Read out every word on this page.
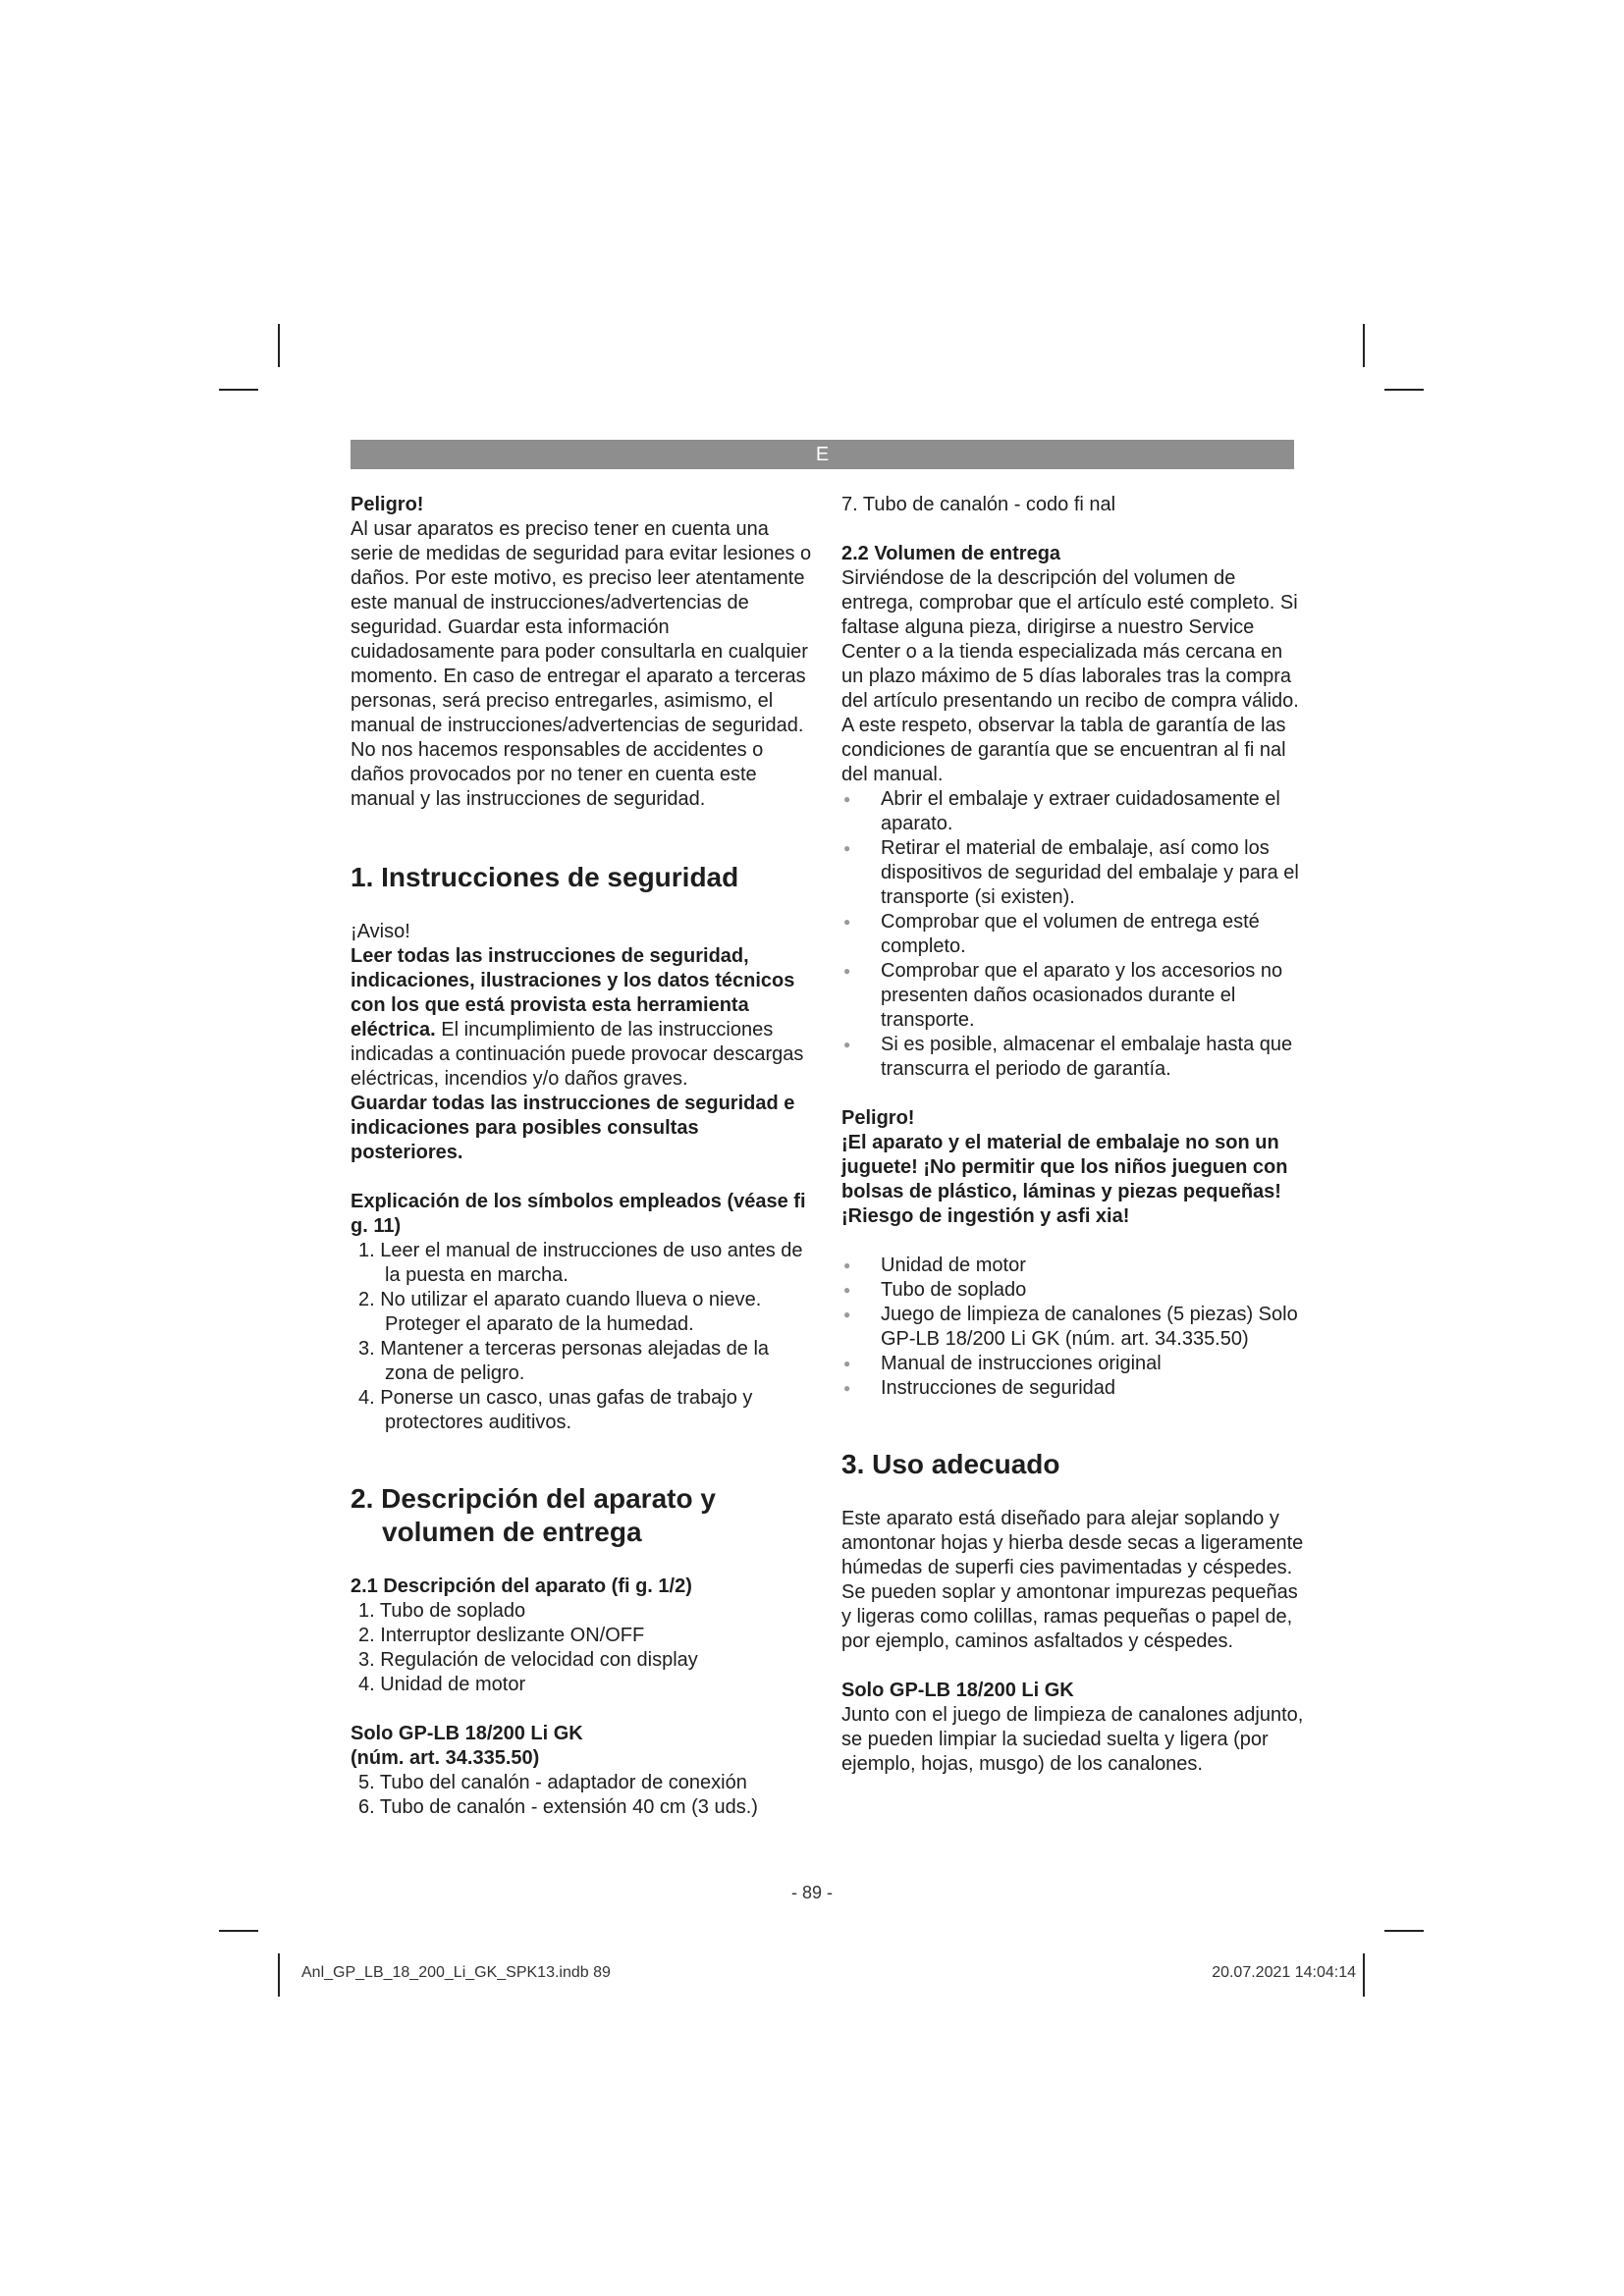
E

Peligro!

Al usar aparatos es preciso tener en cuenta una serie de medidas de seguridad para evitar lesiones o daños. Por este motivo, es preciso leer atentamente este manual de instrucciones/advertencias de seguridad. Guardar esta información cuidadosamente para poder consultarla en cualquier momento. En caso de entregar el aparato a terceras personas, será preciso entregarles, asimismo, el manual de instrucciones/advertencias de seguridad. No nos hacemos responsables de accidentes o daños provocados por no tener en cuenta este manual y las instrucciones de seguridad.

1. Instrucciones de seguridad

¡Aviso!

Leer todas las instrucciones de seguridad, indicaciones, ilustraciones y los datos técnicos con los que está provista esta herramienta eléctrica. El incumplimiento de las instrucciones indicadas a continuación puede provocar descargas eléctricas, incendios y/o daños graves.

Guardar todas las instrucciones de seguridad e indicaciones para posibles consultas posteriores.

Explicación de los símbolos empleados (véase fi g. 11)

1. Leer el manual de instrucciones de uso antes de la puesta en marcha.
2. No utilizar el aparato cuando llueva o nieve. Proteger el aparato de la humedad.
3. Mantener a terceras personas alejadas de la zona de peligro.
4. Ponerse un casco, unas gafas de trabajo y protectores auditivos.
2. Descripción del aparato y volumen de entrega

2.1 Descripción del aparato (fi g. 1/2)

1. Tubo de soplado
2. Interruptor deslizante ON/OFF
3. Regulación de velocidad con display
4. Unidad de motor

Solo GP-LB 18/200 Li GK

(núm. art. 34.335.50)

5. Tubo del canalón - adaptador de conexión
6. Tubo de canalón - extensión 40 cm (3 uds.)

7. Tubo de canalón - codo fi nal

2.2 Volumen de entrega

Sirviéndose de la descripción del volumen de entrega, comprobar que el artículo esté completo. Si faltase alguna pieza, dirigirse a nuestro Service Center o a la tienda especializada más cercana en un plazo máximo de 5 días laborales tras la compra del artículo presentando un recibo de compra válido. A este respeto, observar la tabla de garantía de las condiciones de garantía que se encuentran al fi nal del manual.

● Abrir el embalaje y extraer cuidadosamente el aparato.
● Retirar el material de embalaje, así como los dispositivos de seguridad del embalaje y para el transporte (si existen).
● Comprobar que el volumen de entrega esté completo.
● Comprobar que el aparato y los accesorios no presenten daños ocasionados durante el transporte.
● Si es posible, almacenar el embalaje hasta que transcurra el periodo de garantía.

Peligro!

¡El aparato y el material de embalaje no son un juguete! ¡No permitir que los niños jueguen con bolsas de plástico, láminas y piezas pequeñas! ¡Riesgo de ingestión y asfi xia!

● Unidad de motor
● Tubo de soplado
● Juego de limpieza de canalones (5 piezas) Solo GP-LB 18/200 Li GK (núm. art. 34.335.50)
● Manual de instrucciones original
● Instrucciones de seguridad
3. Uso adecuado

Este aparato está diseñado para alejar soplando y amontonar hojas y hierba desde secas a ligeramente húmedas de superfi cies pavimentadas y céspedes. Se pueden soplar y amontonar impurezas pequeñas y ligeras como colillas, ramas pequeñas o papel de, por ejemplo, caminos asfaltados y céspedes.

Solo GP-LB 18/200 Li GK

Junto con el juego de limpieza de canalones adjunto, se pueden limpiar la suciedad suelta y ligera (por ejemplo, hojas, musgo) de los canalones.

- 89 -
Anl_GP_LB_18_200_Li_GK_SPK13.indb 89	20.07.2021 14:04:14
